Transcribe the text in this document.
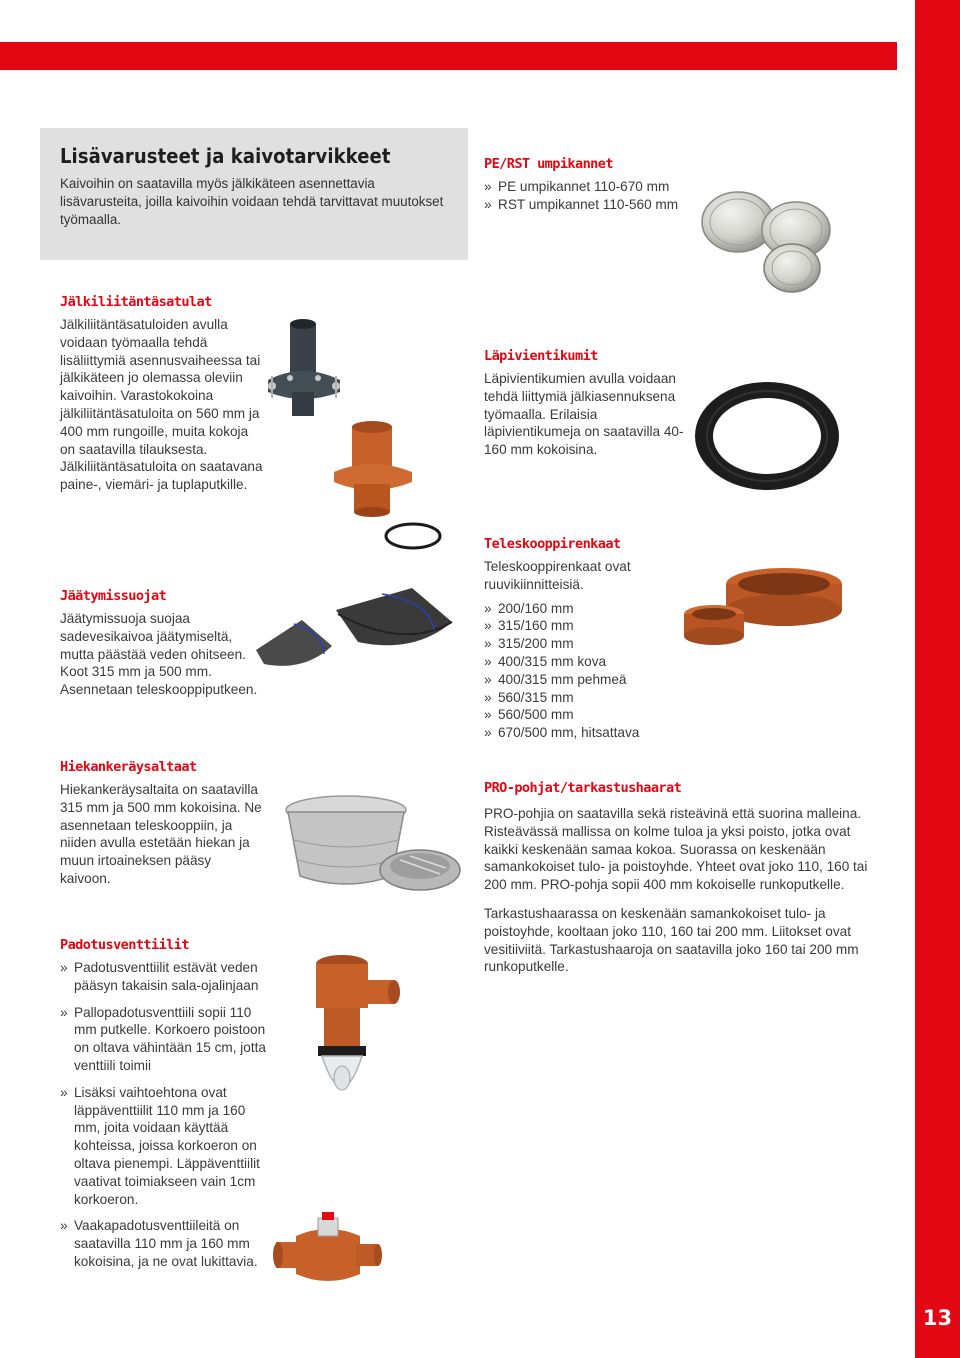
13
Lisävarusteet ja kaivotarvikkeet

Kaivoihin on saatavilla myös jälkikäteen asennettavia lisävarusteita, joilla kaivoihin voidaan tehdä tarvittavat muutokset työmaalla.

PE/RST umpikannet
» PE umpikannet 110-670 mm
» RST umpikannet 110-560 mm
Jälkiliitäntäsatulat

Jälkiliitäntäsatuloiden avulla voidaan työmaalla tehdä lisäliittymiä asennusvaiheessa tai jälkikäteen jo olemassa oleviin kaivoihin. Varastokokoina jälkiliitäntäsatuloita on 560 mm ja 400 mm rungoille, muita kokoja on saatavilla tilauksesta. Jälkiliitäntäsatuloita on saatavana paine-, viemäri- ja tuplaputkille.

Läpivientikumit

Läpivientikumien avulla voidaan tehdä liittymiä jälkiasennuksena työmaalla. Erilaisia läpivientikumeja on saatavilla 40-160 mm kokoisina.

Teleskooppirenkaat

Teleskooppirenkaat ovat ruuvikiinnitteisiä.

» 200/160 mm
» 315/160 mm
» 315/200 mm
» 400/315 mm kova
» 400/315 mm pehmeä
» 560/315 mm
» 560/500 mm
» 670/500 mm, hitsattava
Jäätymissuojat

Jäätymissuoja suojaa sadevesikaivoa jäätymiseltä, mutta päästää veden ohitseen. Koot 315 mm ja 500 mm. Asennetaan teleskooppiputkeen.

Hiekankeräysaltaat

Hiekankeräysaltaita on saatavilla 315 mm ja 500 mm kokoisina. Ne asennetaan teleskooppiin, ja niiden avulla estetään hiekan ja muun irtoaineksen pääsy kaivoon.

PRO-pohjat/tarkastushaarat

PRO-pohjia on saatavilla sekä risteävinä että suorina malleina. Risteävässä mallissa on kolme tuloa ja yksi poisto, jotka ovat kaikki keskenään samaa kokoa. Suorassa on keskenään samankokoiset tulo- ja poistoyhde. Yhteet ovat joko 110, 160 tai 200 mm. PRO-pohja sopii 400 mm kokoiselle runkoputkelle.

Tarkastushaarassa on keskenään samankokoiset tulo- ja poistoyhde, kooltaan joko 110, 160 tai 200 mm. Liitokset ovat vesitiiviitä. Tarkastushaaroja on saatavilla joko 160 tai 200 mm runkoputkelle.

Padotusventtiilit
» Padotusventtiilit estävät veden pääsyn takaisin sala-ojalinjaan
» Pallopadotusventtiili sopii 110 mm putkelle. Korkoero poistoon on oltava vähintään 15 cm, jotta venttiili toimii
» Lisäksi vaihtoehtona ovat läppäventtiilit 110 mm ja 160 mm, joita voidaan käyttää kohteissa, joissa korkoeron on oltava pienempi. Läppäventtiilit vaativat toimiakseen vain 1cm korkoeron.
» Vaakapadotusventtiileitä on saatavilla 110 mm ja 160 mm kokoisina, ja ne ovat lukittavia.
